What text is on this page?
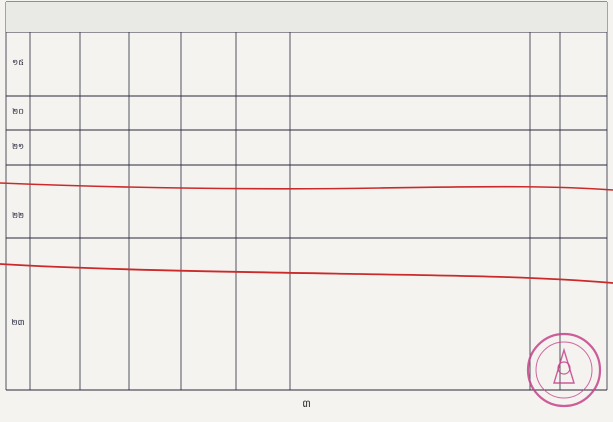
១៥
២០
២១
២២
២៣
៣
